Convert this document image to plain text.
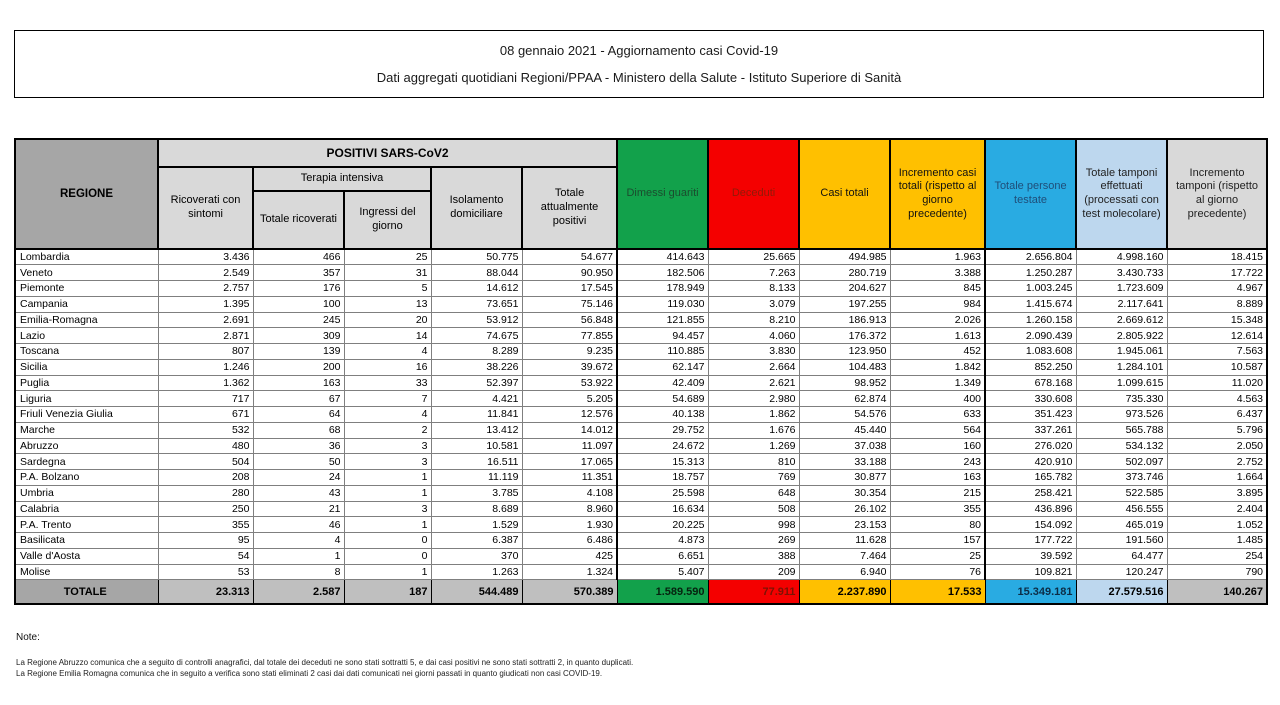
08 gennaio 2021 - Aggiornamento casi Covid-19
Dati aggregati quotidiani Regioni/PPAA - Ministero della Salute - Istituto Superiore di Sanità
REGIONE	POSITIVI SARS-CoV2					Dimessi guariti	Deceduti	Casi totali	Incremento casi totali (rispetto al giorno precedente)	Totale persone testate	Totale tamponi effettuati (processati con test molecolare)	Incremento tamponi (rispetto al giorno precedente)
	Ricoverati con sintomi	Terapia intensiva		Isolamento domiciliare	Totale attualmente positivi							
		Totale ricoverati	Ingressi del giorno									
Lombardia	3.436	466	25	50.775	54.677	414.643	25.665	494.985	1.963	2.656.804	4.998.160	18.415
Veneto	2.549	357	31	88.044	90.950	182.506	7.263	280.719	3.388	1.250.287	3.430.733	17.722
Piemonte	2.757	176	5	14.612	17.545	178.949	8.133	204.627	845	1.003.245	1.723.609	4.967
Campania	1.395	100	13	73.651	75.146	119.030	3.079	197.255	984	1.415.674	2.117.641	8.889
Emilia-Romagna	2.691	245	20	53.912	56.848	121.855	8.210	186.913	2.026	1.260.158	2.669.612	15.348
Lazio	2.871	309	14	74.675	77.855	94.457	4.060	176.372	1.613	2.090.439	2.805.922	12.614
Toscana	807	139	4	8.289	9.235	110.885	3.830	123.950	452	1.083.608	1.945.061	7.563
Sicilia	1.246	200	16	38.226	39.672	62.147	2.664	104.483	1.842	852.250	1.284.101	10.587
Puglia	1.362	163	33	52.397	53.922	42.409	2.621	98.952	1.349	678.168	1.099.615	11.020
Liguria	717	67	7	4.421	5.205	54.689	2.980	62.874	400	330.608	735.330	4.563
Friuli Venezia Giulia	671	64	4	11.841	12.576	40.138	1.862	54.576	633	351.423	973.526	6.437
Marche	532	68	2	13.412	14.012	29.752	1.676	45.440	564	337.261	565.788	5.796
Abruzzo	480	36	3	10.581	11.097	24.672	1.269	37.038	160	276.020	534.132	2.050
Sardegna	504	50	3	16.511	17.065	15.313	810	33.188	243	420.910	502.097	2.752
P.A. Bolzano	208	24	1	11.119	11.351	18.757	769	30.877	163	165.782	373.746	1.664
Umbria	280	43	1	3.785	4.108	25.598	648	30.354	215	258.421	522.585	3.895
Calabria	250	21	3	8.689	8.960	16.634	508	26.102	355	436.896	456.555	2.404
P.A. Trento	355	46	1	1.529	1.930	20.225	998	23.153	80	154.092	465.019	1.052
Basilicata	95	4	0	6.387	6.486	4.873	269	11.628	157	177.722	191.560	1.485
Valle d'Aosta	54	1	0	370	425	6.651	388	7.464	25	39.592	64.477	254
Molise	53	8	1	1.263	1.324	5.407	209	6.940	76	109.821	120.247	790
TOTALE	23.313	2.587	187	544.489	570.389	1.589.590	77.911	2.237.890	17.533	15.349.181	27.579.516	140.267
Note:
La Regione Abruzzo comunica che a seguito di controlli anagrafici, dal totale dei deceduti ne sono stati sottratti 5, e dai casi positivi ne sono stati sottratti 2, in quanto duplicati.
La Regione Emilia Romagna comunica che in seguito a verifica sono stati eliminati 2 casi dai dati comunicati nei giorni passati in quanto giudicati non casi COVID-19.
